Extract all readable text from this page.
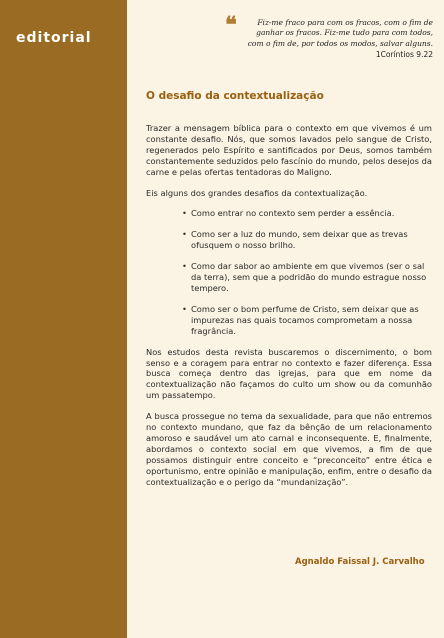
editorial	❝	Fiz-me fraco para com os fracos, com o fim de ganhar os fracos. Fiz-me tudo para com todos, com o fim de, por todos os modos, salvar alguns.

1Coríntios 9.22
O desafio da contextualização

Trazer a mensagem bíblica para o contexto em que vivemos é um constante desafio. Nós, que somos lavados pelo sangue de Cristo, regenerados pelo Espírito e santificados por Deus, somos também constantemente seduzidos pelo fascínio do mundo, pelos desejos da carne e pelas ofertas tentadoras do Maligno.

Eis alguns dos grandes desafios da contextualização.

• Como entrar no contexto sem perder a essência.
• Como ser a luz do mundo, sem deixar que as trevas ofusquem o nosso brilho.
• Como dar sabor ao ambiente em que vivemos (ser o sal da terra), sem que a podridão do mundo estrague nosso tempero.
• Como ser o bom perfume de Cristo, sem deixar que as impurezas nas quais tocamos comprometam a nossa fragrância.

Nos estudos desta revista buscaremos o discernimento, o bom senso e a coragem para entrar no contexto e fazer diferença. Essa busca começa dentro das igrejas, para que em nome da contextualização não façamos do culto um show ou da comunhão um passatempo.

A busca prossegue no tema da sexualidade, para que não entremos no contexto mundano, que faz da bênção de um relacionamento amoroso e saudável um ato carnal e inconsequente. E, finalmente, abordamos o contexto social em que vivemos, a fim de que possamos distinguir entre conceito e “preconceito” entre ética e oportunismo, entre opinião e manipulação, enfim, entre o desafio da contextualização e o perigo da “mundanização”.

Agnaldo Faissal J. Carvalho
